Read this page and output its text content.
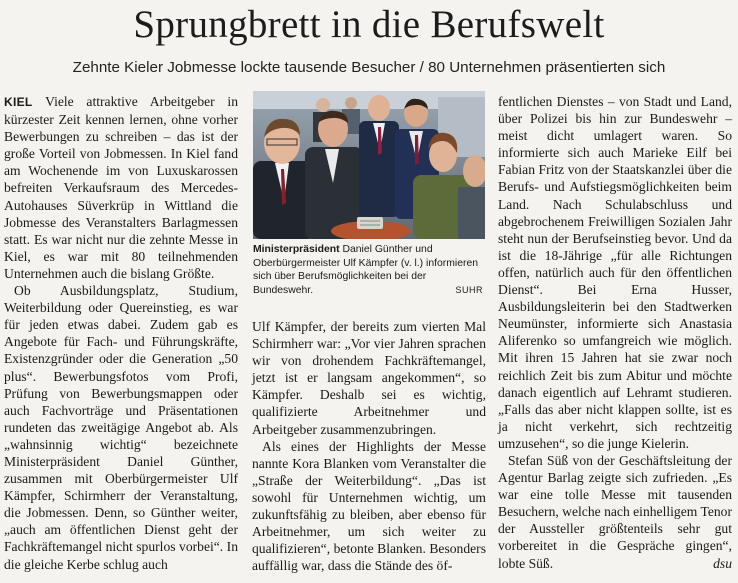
Sprungbrett in die Berufswelt
Zehnte Kieler Jobmesse lockte tausende Besucher / 80 Unternehmen präsentierten sich

KIEL Viele attraktive Arbeitgeber in kürzester Zeit kennen lernen, ohne vorher Bewerbungen zu schreiben – das ist der große Vorteil von Jobmessen. In Kiel fand am Wochenende im von Luxuskarossen befreiten Verkaufsraum des Mercedes-Autohauses Süverkrüp in Wittland die Jobmesse des Veranstalters Barlagmessen statt. Es war nicht nur die zehnte Messe in Kiel, es war mit 80 teilnehmenden Unternehmen auch die bislang Größte.

Ob Ausbildungsplatz, Studium, Weiterbildung oder Quereinstieg, es war für jeden etwas dabei. Zudem gab es Angebote für Fach- und Führungskräfte, Existenzgründer oder die Generation „50 plus“. Bewerbungsfotos vom Profi, Prüfung von Bewerbungsmappen oder auch Fachvorträge und Präsentationen rundeten das zweitägige Angebot ab. Als „wahnsinnig wichtig“ bezeichnete Ministerpräsident Daniel Günther, zusammen mit Oberbürgermeister Ulf Kämpfer, Schirmherr der Veranstaltung, die Jobmessen. Denn, so Günther weiter, „auch am öffentlichen Dienst geht der Fachkräftemangel nicht spurlos vorbei“. In die gleiche Kerbe schlug auch

Ministerpräsident Daniel Günther und Oberbürgermeister Ulf Kämpfer (v. l.) informieren sich über Berufsmöglichkeiten bei der Bundeswehr.	SUHR

Ulf Kämpfer, der bereits zum vierten Mal Schirmherr war: „Vor vier Jahren sprachen wir von drohendem Fachkräftemangel, jetzt ist er langsam angekommen“, so Kämpfer. Deshalb sei es wichtig, qualifizierte Arbeitnehmer und Arbeitgeber zusammenzubringen.

Als eines der Highlights der Messe nannte Kora Blanken vom Veranstalter die „Straße der Weiterbildung“. „Das ist sowohl für Unternehmen wichtig, um zukunftsfähig zu bleiben, aber ebenso für Arbeitnehmer, um sich weiter zu qualifizieren“, betonte Blanken. Besonders auffällig war, dass die Stände des öf-

fentlichen Dienstes – von Stadt und Land, über Polizei bis hin zur Bundeswehr – meist dicht umlagert waren. So informierte sich auch Marieke Eilf bei Fabian Fritz von der Staatskanzlei über die Berufs- und Aufstiegsmöglichkeiten beim Land. Nach Schulabschluss und abgebrochenem Freiwilligen Sozialen Jahr steht nun der Berufseinstieg bevor. Und da ist die 18-Jährige „für alle Richtungen offen, natürlich auch für den öffentlichen Dienst“. Bei Erna Husser, Ausbildungsleiterin bei den Stadtwerken Neumünster, informierte sich Anastasia Aliferenko so umfangreich wie möglich. Mit ihren 15 Jahren hat sie zwar noch reichlich Zeit bis zum Abitur und möchte danach eigentlich auf Lehramt studieren. „Falls das aber nicht klappen sollte, ist es ja nicht verkehrt, sich rechtzeitig umzusehen“, so die junge Kielerin.

Stefan Süß von der Geschäftsleitung der Agentur Barlag zeigte sich zufrieden. „Es war eine tolle Messe mit tausenden Besuchern, welche nach einhelligem Tenor der Aussteller größtenteils sehr gut vorbereitet in die Gespräche gingen“, lobte Süß.	dsu
